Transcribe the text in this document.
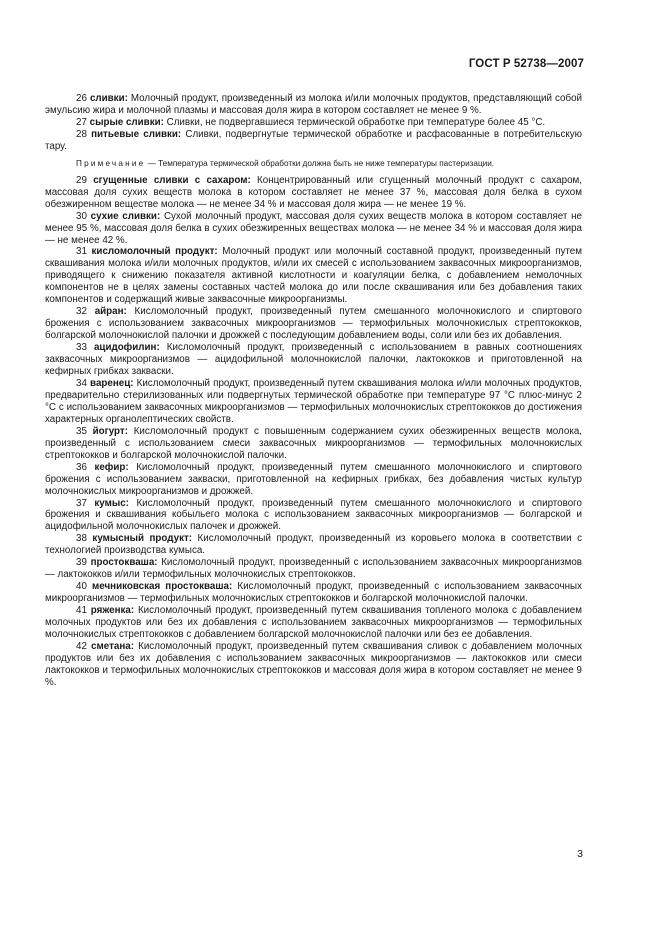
ГОСТ Р 52738—2007

26 сливки: Молочный продукт, произведенный из молока и/или молочных продуктов, представляющий собой эмульсию жира и молочной плазмы и массовая доля жира в котором составляет не менее 9 %.

27 сырые сливки: Сливки, не подвергавшиеся термической обработке при температуре более 45 °С.

28 питьевые сливки: Сливки, подвергнутые термической обработке и расфасованные в потребительскую тару.

Примечание — Температура термической обработки должна быть не ниже температуры пастеризации.

29 сгущенные сливки с сахаром: Концентрированный или сгущенный молочный продукт с сахаром, массовая доля сухих веществ молока в котором составляет не менее 37 %, массовая доля белка в сухом обезжиренном веществе молока — не менее 34 % и массовая доля жира — не менее 19 %.

30 сухие сливки: Сухой молочный продукт, массовая доля сухих веществ молока в котором составляет не менее 95 %, массовая доля белка в сухих обезжиренных веществах молока — не менее 34 % и массовая доля жира — не менее 42 %.

31 кисломолочный продукт: Молочный продукт или молочный составной продукт, произведенный путем сквашивания молока и/или молочных продуктов, и/или их смесей с использованием заквасочных микроорганизмов, приводящего к снижению показателя активной кислотности и коагуляции белка, с добавлением немолочных компонентов не в целях замены составных частей молока до или после сквашивания или без добавления таких компонентов и содержащий живые заквасочные микроорганизмы.

32 айран: Кисломолочный продукт, произведенный путем смешанного молочнокислого и спиртового брожения с использованием заквасочных микроорганизмов — термофильных молочнокислых стрептококков, болгарской молочнокислой палочки и дрожжей с последующим добавлением воды, соли или без их добавления.

33 ацидофилин: Кисломолочный продукт, произведенный с использованием в равных соотношениях заквасочных микроорганизмов — ацидофильной молочнокислой палочки, лактококков и приготовленной на кефирных грибках закваски.

34 варенец: Кисломолочный продукт, произведенный путем сквашивания молока и/или молочных продуктов, предварительно стерилизованных или подвергнутых термической обработке при температуре 97 °С плюс-минус 2 °С с использованием заквасочных микроорганизмов — термофильных молочнокислых стрептококков до достижения характерных органолептических свойств.

35 йогурт: Кисломолочный продукт с повышенным содержанием сухих обезжиренных веществ молока, произведенный с использованием смеси заквасочных микроорганизмов — термофильных молочнокислых стрептококков и болгарской молочнокислой палочки.

36 кефир: Кисломолочный продукт, произведенный путем смешанного молочнокислого и спиртового брожения с использованием закваски, приготовленной на кефирных грибках, без добавления чистых культур молочнокислых микроорганизмов и дрожжей.

37 кумыс: Кисломолочный продукт, произведенный путем смешанного молочнокислого и спиртового брожения и сквашивания кобыльего молока с использованием заквасочных микроорганизмов — болгарской и ацидофильной молочнокислых палочек и дрожжей.

38 кумысный продукт: Кисломолочный продукт, произведенный из коровьего молока в соответствии с технологией производства кумыса.

39 простокваша: Кисломолочный продукт, произведенный с использованием заквасочных микроорганизмов — лактококков и/или термофильных молочнокислых стрептококков.

40 мечниковская простокваша: Кисломолочный продукт, произведенный с использованием заквасочных микроорганизмов — термофильных молочнокислых стрептококков и болгарской молочнокислой палочки.

41 ряженка: Кисломолочный продукт, произведенный путем сквашивания топленого молока с добавлением молочных продуктов или без их добавления с использованием заквасочных микроорганизмов — термофильных молочнокислых стрептококков с добавлением болгарской молочнокислой палочки или без ее добавления.

42 сметана: Кисломолочный продукт, произведенный путем сквашивания сливок с добавлением молочных продуктов или без их добавления с использованием заквасочных микроорганизмов — лактококков или смеси лактококков и термофильных молочнокислых стрептококков и массовая доля жира в котором составляет не менее 9 %.

3
